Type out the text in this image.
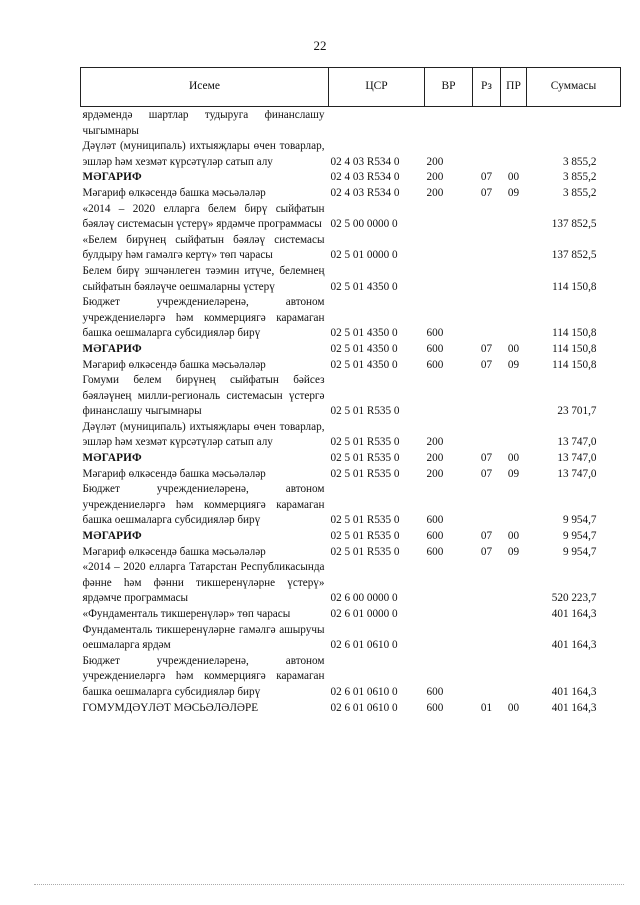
22
Исеме	ЦСР	ВР	Рз	ПР	Суммасы
ярдәмендә шартлар тудыруга финанслашу чыгымнары					
Дәүләт (муниципаль) ихтыяҗлары өчен товарлар, эшләр һәм хезмәт күрсәтүләр сатып алу	02 4 03 R534 0	200			3 855,2
МӘГАРИФ	02 4 03 R534 0	200	07	00	3 855,2
Мәгариф өлкәсендә башка мәсьәләләр	02 4 03 R534 0	200	07	09	3 855,2
«2014 – 2020 елларга белем бирү сыйфатын бәяләү системасын үстерү» ярдәмче программасы	02 5 00 0000 0				137 852,5
«Белем бирүнең сыйфатын бәяләү системасы булдыру һәм гамәлгә кертү» төп чарасы	02 5 01 0000 0				137 852,5
Белем бирү эшчәнлеген тәэмин итүче, белемнең сыйфатын бәяләүче оешмаларны үстерү	02 5 01 4350 0				114 150,8
Бюджет учреждениеләренә, автоном учреждениеләргә һәм коммерциягә карамаган башка оешмаларга субсидияләр бирү	02 5 01 4350 0	600			114 150,8
МӘГАРИФ	02 5 01 4350 0	600	07	00	114 150,8
Мәгариф өлкәсендә башка мәсьәләләр	02 5 01 4350 0	600	07	09	114 150,8
Гомуми белем бирүнең сыйфатын бәйсез бәяләүнең милли-региональ системасын үстергә финанслашу чыгымнары	02 5 01 R535 0				23 701,7
Дәүләт (муниципаль) ихтыяҗлары өчен товарлар, эшләр һәм хезмәт күрсәтүләр сатып алу	02 5 01 R535 0	200			13 747,0
МӘГАРИФ	02 5 01 R535 0	200	07	00	13 747,0
Мәгариф өлкәсендә башка мәсьәләләр	02 5 01 R535 0	200	07	09	13 747,0
Бюджет учреждениеләренә, автоном учреждениеләргә һәм коммерциягә карамаган башка оешмаларга субсидияләр бирү	02 5 01 R535 0	600			9 954,7
МӘГАРИФ	02 5 01 R535 0	600	07	00	9 954,7
Мәгариф өлкәсендә башка мәсьәләләр	02 5 01 R535 0	600	07	09	9 954,7
«2014 – 2020 елларга Татарстан Республикасында фәнне һәм фәнни тикшеренүләрне үстерү» ярдәмче программасы	02 6 00 0000 0				520 223,7
«Фундаменталь тикшеренүләр» төп чарасы	02 6 01 0000 0				401 164,3
Фундаменталь тикшеренүләрне гамәлгә ашыручы оешмаларга ярдәм	02 6 01 0610 0				401 164,3
Бюджет учреждениеләренә, автоном учреждениеләргә һәм коммерциягә карамаган башка оешмаларга субсидияләр бирү	02 6 01 0610 0	600			401 164,3
ГОМУМДӘҮЛӘТ МӘСЬӘЛӘЛӘРЕ	02 6 01 0610 0	600	01	00	401 164,3
